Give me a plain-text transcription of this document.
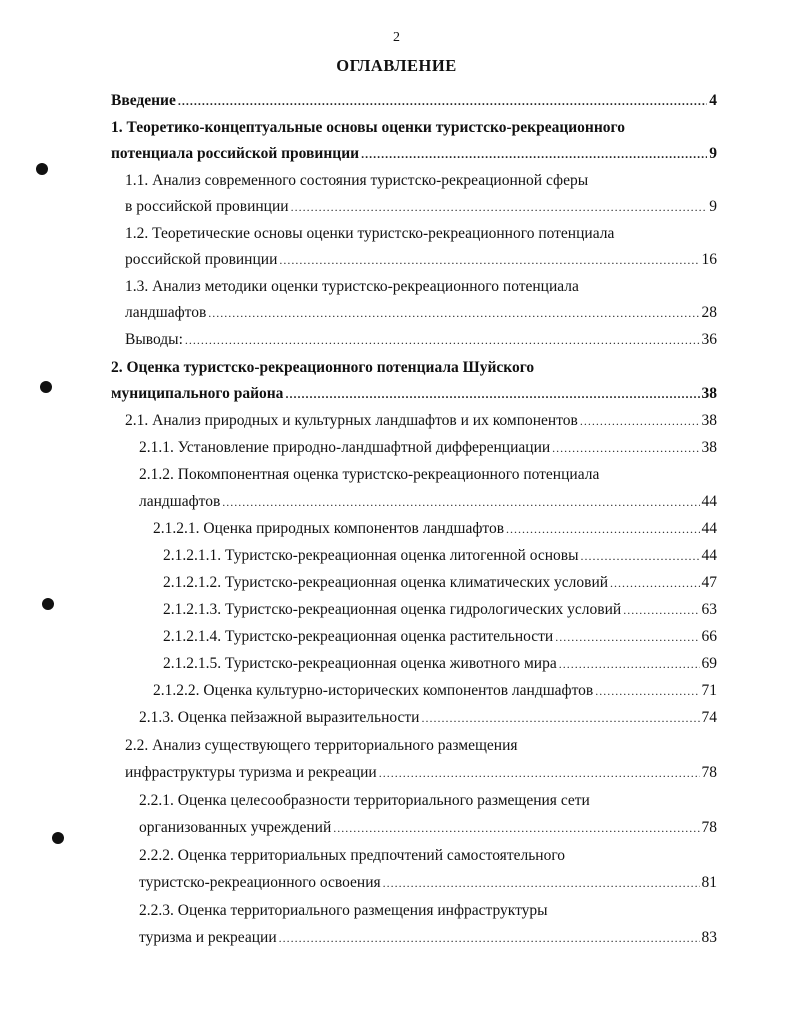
2
ОГЛАВЛЕНИЕ
Введение .....	4
1. Теоретико-концептуальные основы оценки туристско-рекреационного
потенциала российской провинции .....	9
1.1. Анализ современного состояния туристско-рекреационной сферы
в российской провинции .....	9
1.2. Теоретические основы оценки туристско-рекреационного потенциала
российской провинции .....	16
1.3. Анализ методики оценки туристско-рекреационного потенциала
ландшафтов .....	28
Выводы: .....	36
2. Оценка туристско-рекреационного потенциала Шуйского
муниципального района .....	38
2.1. Анализ природных и культурных ландшафтов и их компонентов .....	38
2.1.1. Установление природно-ландшафтной дифференциации .....	38
2.1.2. Покомпонентная оценка туристско-рекреационного потенциала
ландшафтов .....	44
2.1.2.1. Оценка природных компонентов ландшафтов .....	44
2.1.2.1.1. Туристско-рекреационная оценка литогенной основы .....	44
2.1.2.1.2. Туристско-рекреационная оценка климатических условий .....	47
2.1.2.1.3. Туристско-рекреационная оценка гидрологических условий .....	63
2.1.2.1.4. Туристско-рекреационная оценка растительности .....	66
2.1.2.1.5. Туристско-рекреационная оценка животного мира .....	69
2.1.2.2. Оценка культурно-исторических компонентов ландшафтов .....	71
2.1.3. Оценка пейзажной выразительности .....	74
2.2. Анализ существующего территориального размещения
инфраструктуры туризма и рекреации .....	78
2.2.1. Оценка целесообразности территориального размещения сети
организованных учреждений .....	78
2.2.2. Оценка территориальных предпочтений самостоятельного
туристско-рекреационного освоения .....	81
2.2.3. Оценка территориального размещения инфраструктуры
туризма и рекреации .....	83
